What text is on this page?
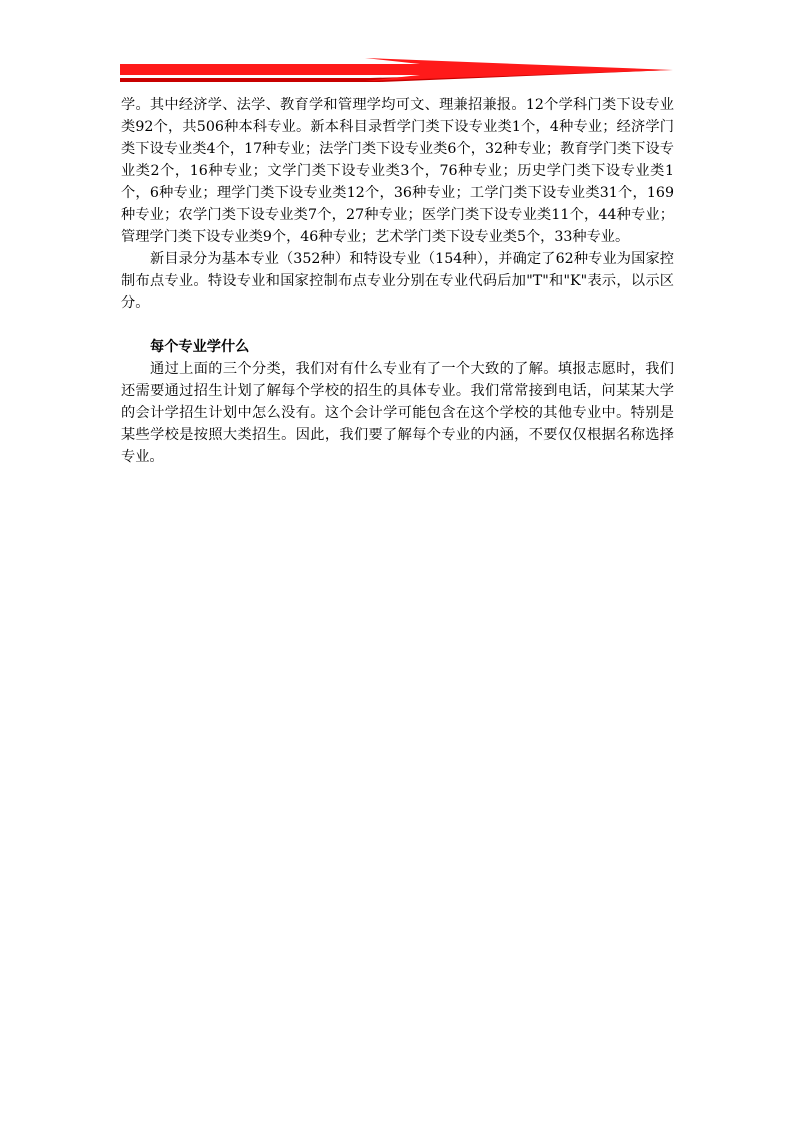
学。其中经济学、法学、教育学和管理学均可文、理兼招兼报。12个学科门类下设专业类92个，共506种本科专业。新本科目录哲学门类下设专业类1个，4种专业；经济学门类下设专业类4个，17种专业；法学门类下设专业类6个，32种专业；教育学门类下设专业类2个，16种专业；文学门类下设专业类3个，76种专业；历史学门类下设专业类1个，6种专业；理学门类下设专业类12个，36种专业；工学门类下设专业类31个，169种专业；农学门类下设专业类7个，27种专业；医学门类下设专业类11个，44种专业；管理学门类下设专业类9个，46种专业；艺术学门类下设专业类5个，33种专业。

新目录分为基本专业（352种）和特设专业（154种），并确定了62种专业为国家控制布点专业。特设专业和国家控制布点专业分别在专业代码后加"T"和"K"表示，以示区分。

每个专业学什么

通过上面的三个分类，我们对有什么专业有了一个大致的了解。填报志愿时，我们还需要通过招生计划了解每个学校的招生的具体专业。我们常常接到电话，问某某大学的会计学招生计划中怎么没有。这个会计学可能包含在这个学校的其他专业中。特别是某些学校是按照大类招生。因此，我们要了解每个专业的内涵，不要仅仅根据名称选择专业。
